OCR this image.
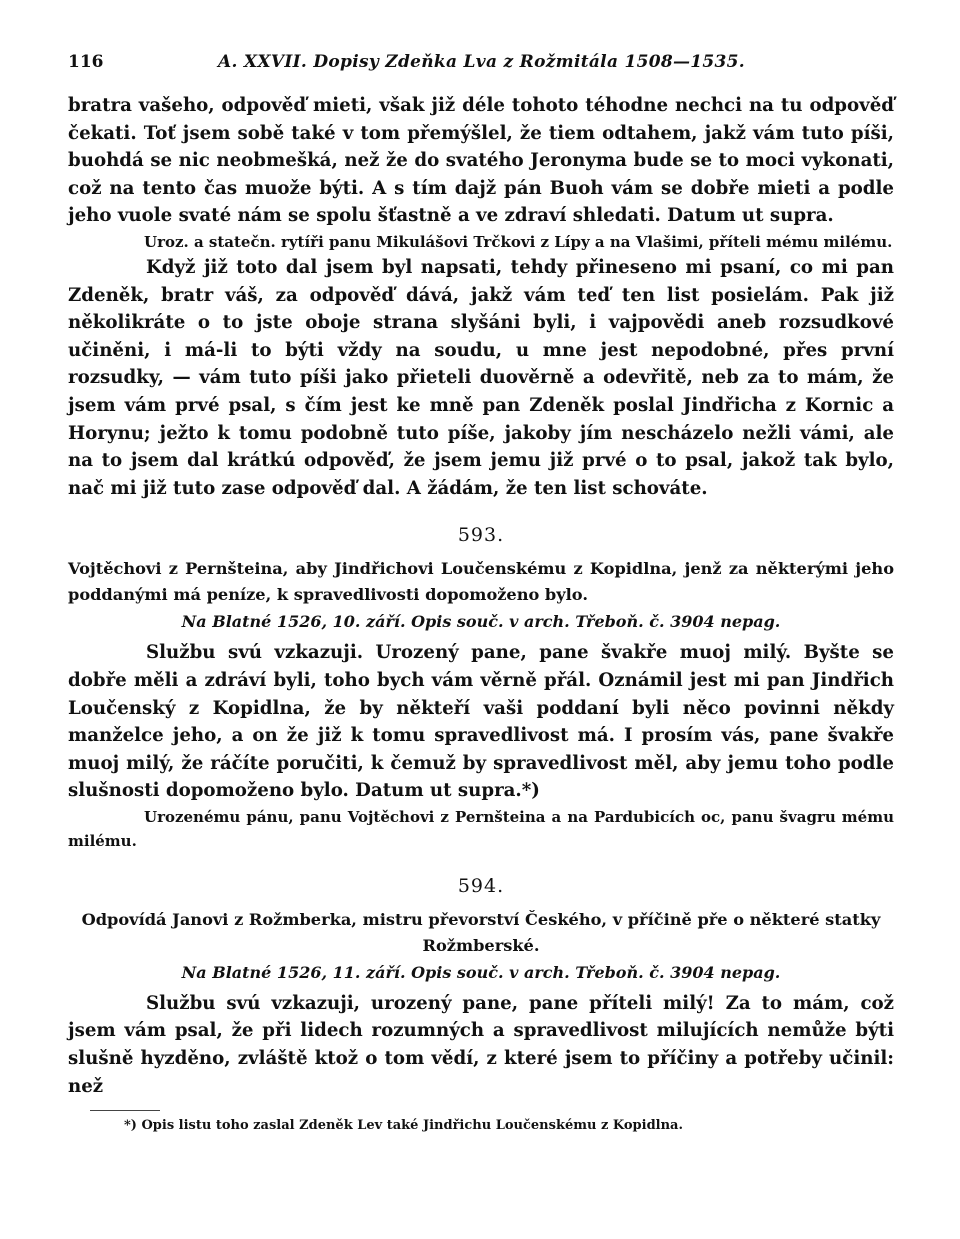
116	A. XXVII. Dopisy Zdeňka Lva z Rožmitála 1508—1535.

bratra vašeho, odpověď mieti, však již déle tohoto téhodne nechci na tu odpověď čekati. Toť jsem sobě také v tom přemýšlel, že tiem odtahem, jakž vám tuto píši, buohdá se nic neobmešká, než že do svatého Jeronyma bude se to moci vykonati, což na tento čas muože býti. A s tím dajž pán Buoh vám se dobře mieti a podle jeho vuole svaté nám se spolu šťastně a ve zdraví shledati. Datum ut supra.

Uroz. a statečn. rytíři panu Mikulášovi Trčkovi z Lípy a na Vlašimi, příteli mému milému.

Když již toto dal jsem byl napsati, tehdy přineseno mi psaní, co mi pan Zdeněk, bratr váš, za odpověď dává, jakž vám teď ten list posielám. Pak již několikráte o to jste oboje strana slyšáni byli, i vajpovědi aneb rozsudkové učiněni, i má-li to býti vždy na soudu, u mne jest nepodobné, přes první rozsudky, — vám tuto píši jako přieteli duověrně a odevřitě, neb za to mám, že jsem vám prvé psal, s čím jest ke mně pan Zdeněk poslal Jindřicha z Kornic a Horynu; ježto k tomu podobně tuto píše, jakoby jím nescházelo nežli vámi, ale na to jsem dal krátkú odpověď, že jsem jemu již prvé o to psal, jakož tak bylo, nač mi již tuto zase odpověď dal. A žádám, že ten list schováte.

593.

Vojtěchovi z Pernšteina, aby Jindřichovi Loučenskému z Kopidlna, jenž za některými jeho poddanými má peníze, k spravedlivosti dopomoženo bylo.

Na Blatné 1526, 10. září. Opis souč. v arch. Třeboň. č. 3904 nepag.

Službu svú vzkazuji. Urozený pane, pane švakře muoj milý. Byšte se dobře měli a zdráví byli, toho bych vám věrně přál. Oznámil jest mi pan Jindřich Loučenský z Kopidlna, že by někteří vaši poddaní byli něco povinni někdy manželce jeho, a on že již k tomu spravedlivost má. I prosím vás, pane švakře muoj milý, že ráčíte poručiti, k čemuž by spravedlivost měl, aby jemu toho podle slušnosti dopomoženo bylo. Datum ut supra.*)

Urozenému pánu, panu Vojtěchovi z Pernšteina a na Pardubicích oc, panu švagru mému milému.

594.

Odpovídá Janovi z Rožmberka, mistru převorství Českého, v příčině pře o některé statky Rožmberské.

Na Blatné 1526, 11. září. Opis souč. v arch. Třeboň. č. 3904 nepag.

Službu svú vzkazuji, urozený pane, pane příteli milý! Za to mám, což jsem vám psal, že při lidech rozumných a spravedlivost milujících nemůže býti slušně hyzděno, zvláště ktož o tom vědí, z které jsem to příčiny a potřeby učinil: než

*) Opis listu toho zaslal Zdeněk Lev také Jindřichu Loučenskému z Kopidlna.
